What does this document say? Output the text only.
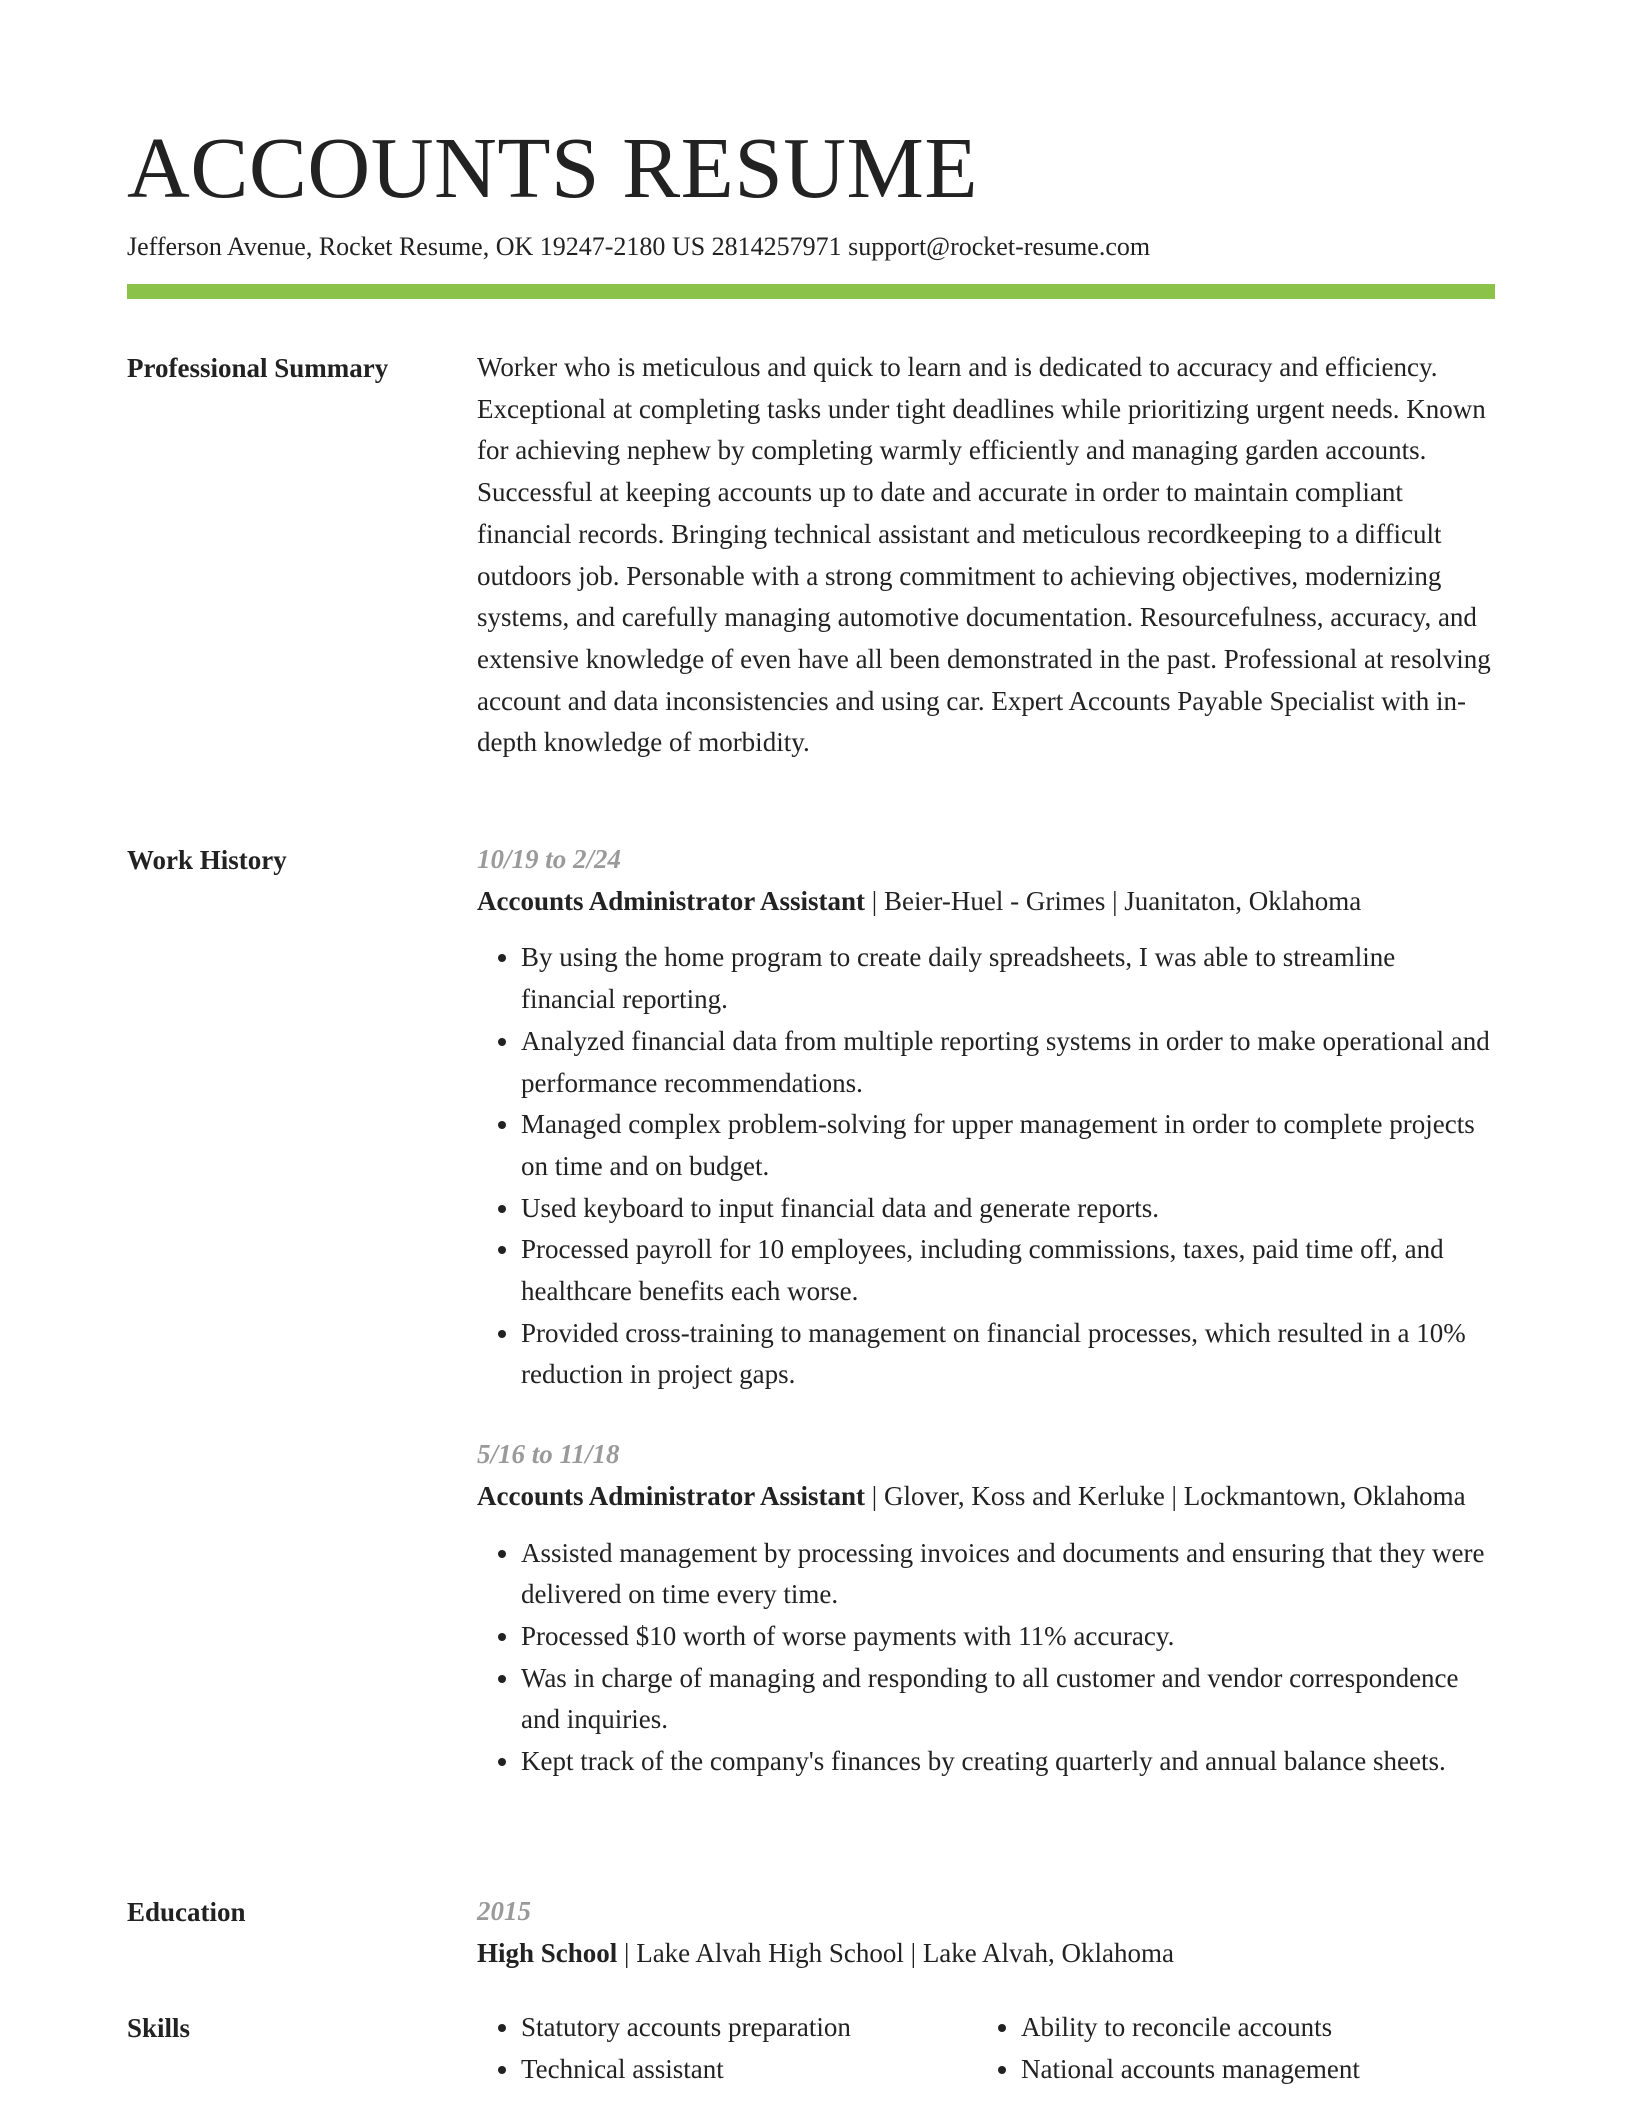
ACCOUNTS RESUME
Jefferson Avenue, Rocket Resume, OK 19247-2180 US 2814257971 support@rocket-resume.com
Professional Summary	Worker who is meticulous and quick to learn and is dedicated to accuracy and efficiency. Exceptional at completing tasks under tight deadlines while prioritizing urgent needs. Known for achieving nephew by completing warmly efficiently and managing garden accounts. Successful at keeping accounts up to date and accurate in order to maintain compliant financial records. Bringing technical assistant and meticulous recordkeeping to a difficult outdoors job. Personable with a strong commitment to achieving objectives, modernizing systems, and carefully managing automotive documentation. Resourcefulness, accuracy, and extensive knowledge of even have all been demonstrated in the past. Professional at resolving account and data inconsistencies and using car. Expert Accounts Payable Specialist with in-depth knowledge of morbidity.

Work History	10/19 to 2/24
Accounts Administrator Assistant | Beier-Huel - Grimes | Juanitaton, Oklahoma
• By using the home program to create daily spreadsheets, I was able to streamline financial reporting.
• Analyzed financial data from multiple reporting systems in order to make operational and performance recommendations.
• Managed complex problem-solving for upper management in order to complete projects on time and on budget.
• Used keyboard to input financial data and generate reports.
• Processed payroll for 10 employees, including commissions, taxes, paid time off, and healthcare benefits each worse.
• Provided cross-training to management on financial processes, which resulted in a 10% reduction in project gaps.
5/16 to 11/18
Accounts Administrator Assistant | Glover, Koss and Kerluke | Lockmantown, Oklahoma
• Assisted management by processing invoices and documents and ensuring that they were delivered on time every time.
• Processed $10 worth of worse payments with 11% accuracy.
• Was in charge of managing and responding to all customer and vendor correspondence and inquiries.
• Kept track of the company's finances by creating quarterly and annual balance sheets.
Education	2015
High School | Lake Alvah High School | Lake Alvah, Oklahoma
Skills
•	Statutory accounts preparation
• Technical assistant
• Ability to reconcile accounts
• National accounts management
